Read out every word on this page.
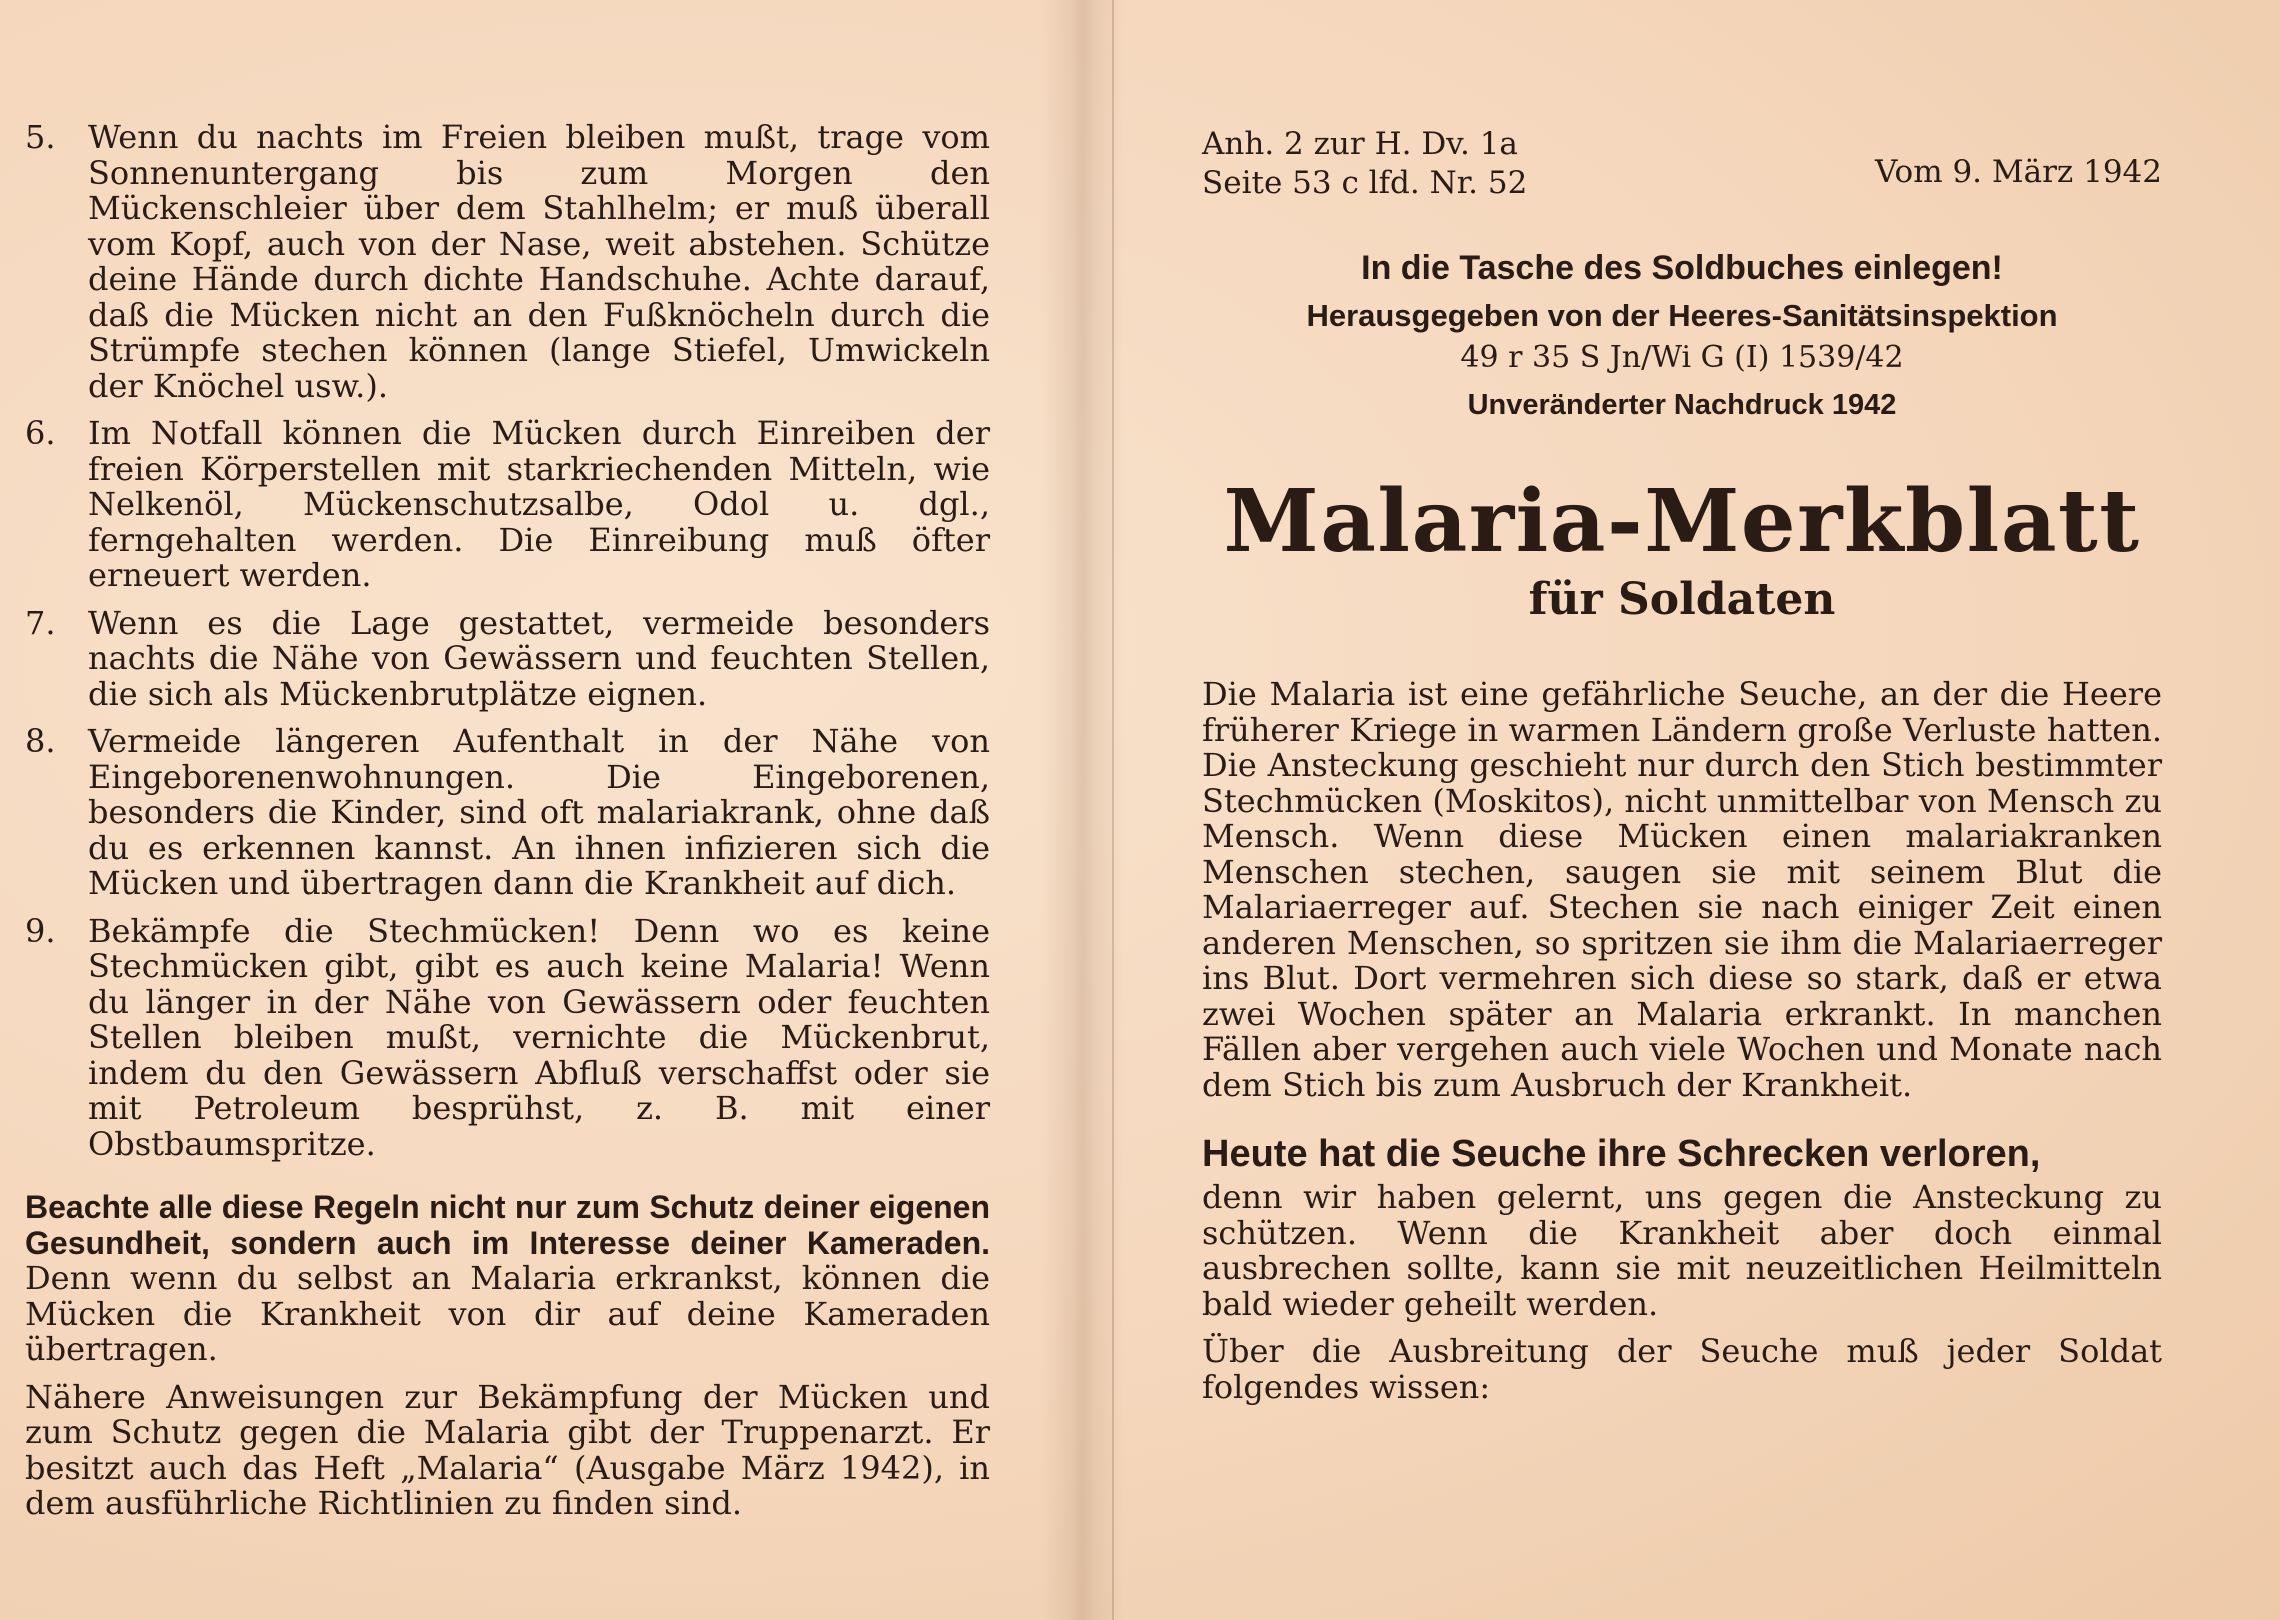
5.	Wenn du nachts im Freien bleiben mußt, trage vom Sonnenuntergang bis zum Morgen den Mückenschleier über dem Stahlhelm; er muß überall vom Kopf, auch von der Nase, weit abstehen. Schütze deine Hände durch dichte Handschuhe. Achte darauf, daß die Mücken nicht an den Fußknöcheln durch die Strümpfe stechen können (lange Stiefel, Umwickeln der Knöchel usw.).
6.	Im Notfall können die Mücken durch Einreiben der freien Körperstellen mit starkriechenden Mitteln, wie Nelkenöl, Mückenschutzsalbe, Odol u. dgl., ferngehalten werden. Die Einreibung muß öfter erneuert werden.
7.	Wenn es die Lage gestattet, vermeide besonders nachts die Nähe von Gewässern und feuchten Stellen, die sich als Mückenbrutplätze eignen.
8.	Vermeide längeren Aufenthalt in der Nähe von Eingeborenenwohnungen. Die Eingeborenen, besonders die Kinder, sind oft malariakrank, ohne daß du es erkennen kannst. An ihnen infizieren sich die Mücken und übertragen dann die Krankheit auf dich.
9.	Bekämpfe die Stechmücken! Denn wo es keine Stechmücken gibt, gibt es auch keine Malaria! Wenn du länger in der Nähe von Gewässern oder feuchten Stellen bleiben mußt, vernichte die Mückenbrut, indem du den Gewässern Abfluß verschaffst oder sie mit Petroleum besprühst, z. B. mit einer Obstbaumspritze.

Beachte alle diese Regeln nicht nur zum Schutz deiner eigenen Gesundheit, sondern auch im Interesse deiner Kameraden. Denn wenn du selbst an Malaria erkrankst, können die Mücken die Krankheit von dir auf deine Kameraden übertragen.

Nähere Anweisungen zur Bekämpfung der Mücken und zum Schutz gegen die Malaria gibt der Truppenarzt. Er besitzt auch das Heft „Malaria“ (Ausgabe März 1942), in dem ausführliche Richtlinien zu finden sind.

Anh. 2 zur H. Dv. 1a
Seite 53 c lfd. Nr. 52	Vom 9. März 1942
In die Tasche des Soldbuches einlegen!
Herausgegeben von der Heeres-Sanitätsinspektion
49 r 35 S Jn/Wi G (I) 1539/42
Unveränderter Nachdruck 1942
Malaria-Merkblatt
für Soldaten

Die Malaria ist eine gefährliche Seuche, an der die Heere früherer Kriege in warmen Ländern große Verluste hatten. Die Ansteckung geschieht nur durch den Stich bestimmter Stechmücken (Moskitos), nicht unmittelbar von Mensch zu Mensch. Wenn diese Mücken einen malariakranken Menschen stechen, saugen sie mit seinem Blut die Malariaerreger auf. Stechen sie nach einiger Zeit einen anderen Menschen, so spritzen sie ihm die Malariaerreger ins Blut. Dort vermehren sich diese so stark, daß er etwa zwei Wochen später an Malaria erkrankt. In manchen Fällen aber vergehen auch viele Wochen und Monate nach dem Stich bis zum Ausbruch der Krankheit.

Heute hat die Seuche ihre Schrecken verloren,

denn wir haben gelernt, uns gegen die Ansteckung zu schützen. Wenn die Krankheit aber doch einmal ausbrechen sollte, kann sie mit neuzeitlichen Heilmitteln bald wieder geheilt werden.

Über die Ausbreitung der Seuche muß jeder Soldat folgendes wissen:
